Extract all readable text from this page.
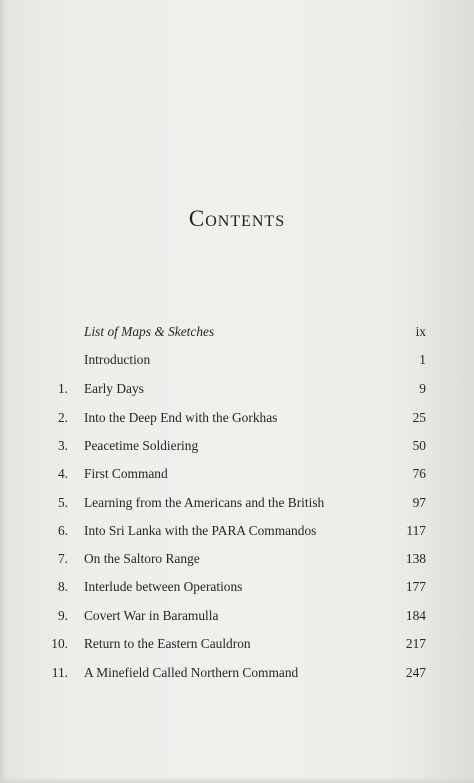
Contents
List of Maps & Sketches	ix
Introduction	1
1. Early Days	9
2. Into the Deep End with the Gorkhas	25
3. Peacetime Soldiering	50
4. First Command	76
5. Learning from the Americans and the British	97
6. Into Sri Lanka with the PARA Commandos	117
7. On the Saltoro Range	138
8. Interlude between Operations	177
9. Covert War in Baramulla	184
10. Return to the Eastern Cauldron	217
11. A Minefield Called Northern Command	247
